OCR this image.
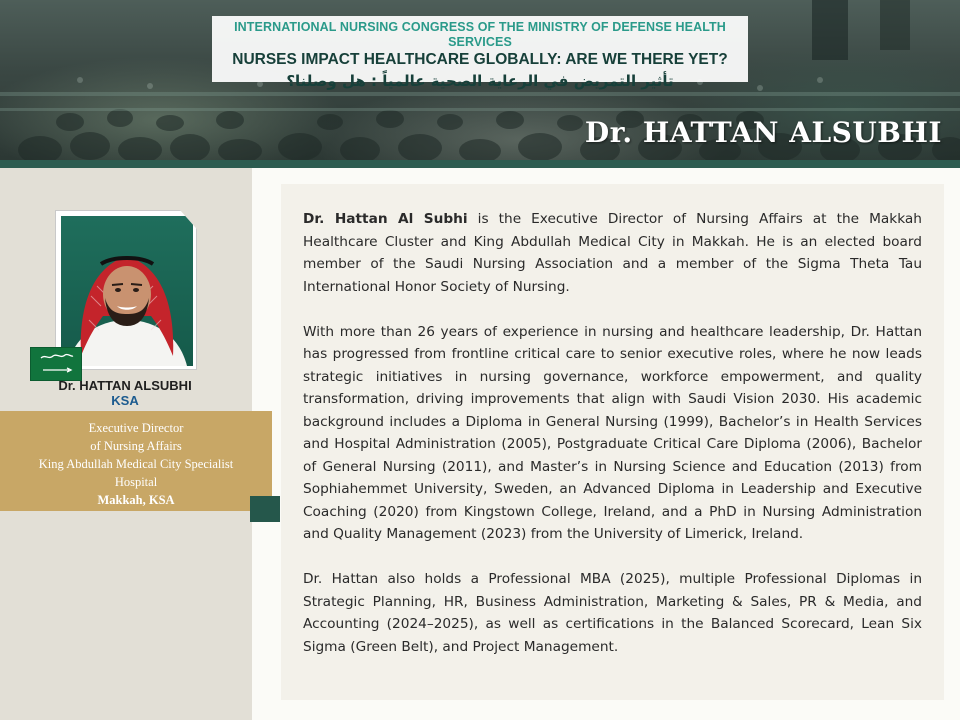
INTERNATIONAL NURSING CONGRESS OF THE MINISTRY OF DEFENSE HEALTH SERVICES
NURSES IMPACT HEALTHCARE GLOBALLY: ARE WE THERE YET?
تأثير التمريض في الرعاية الصحية عالمياً : هل وصلنا؟
Dr. HATTAN ALSUBHI
Dr. HATTAN ALSUBHI
KSA
Executive Director
of Nursing Affairs
King Abdullah Medical City Specialist
Hospital
Makkah, KSA

Dr. Hattan Al Subhi is the Executive Director of Nursing Affairs at the Makkah Healthcare Cluster and King Abdullah Medical City in Makkah. He is an elected board member of the Saudi Nursing Association and a member of the Sigma Theta Tau International Honor Society of Nursing.

With more than 26 years of experience in nursing and healthcare leadership, Dr. Hattan has progressed from frontline critical care to senior executive roles, where he now leads strategic initiatives in nursing governance, workforce empowerment, and quality transformation, driving improvements that align with Saudi Vision 2030. His academic background includes a Diploma in General Nursing (1999), Bachelor’s in Health Services and Hospital Administration (2005), Postgraduate Critical Care Diploma (2006), Bachelor of General Nursing (2011), and Master’s in Nursing Science and Education (2013) from Sophiahemmet University, Sweden, an Advanced Diploma in Leadership and Executive Coaching (2020) from Kingstown College, Ireland, and a PhD in Nursing Administration and Quality Management (2023) from the University of Limerick, Ireland.

Dr. Hattan also holds a Professional MBA (2025), multiple Professional Diplomas in Strategic Planning, HR, Business Administration, Marketing & Sales, PR & Media, and Accounting (2024–2025), as well as certifications in the Balanced Scorecard, Lean Six Sigma (Green Belt), and Project Management.
